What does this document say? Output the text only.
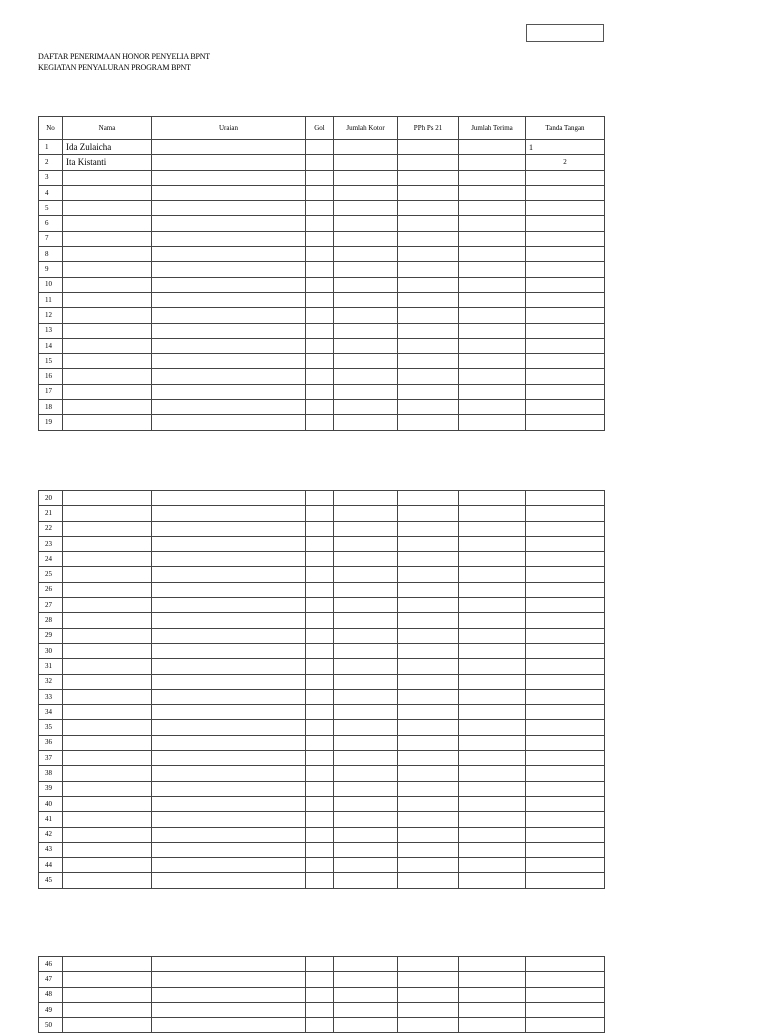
DAFTAR PENERIMAAN HONOR PENYELIA BPNT
KEGIATAN PENYALURAN PROGRAM BPNT
No	Nama	Uraian	Gol	Jumlah Kotor	PPh Ps 21	Jumlah Terima	Tanda Tangan
1	Ida Zulaicha						1
2	Ita Kistanti						2
3							
4							
5							
6							
7							
8							
9							
10							
11							
12							
13							
14							
15							
16							
17							
18							
19							
20							
21							
22							
23							
24							
25							
26							
27							
28							
29							
30							
31							
32							
33							
34							
35							
36							
37							
38							
39							
40							
41							
42							
43							
44							
45							
46							
47							
48							
49							
50							
